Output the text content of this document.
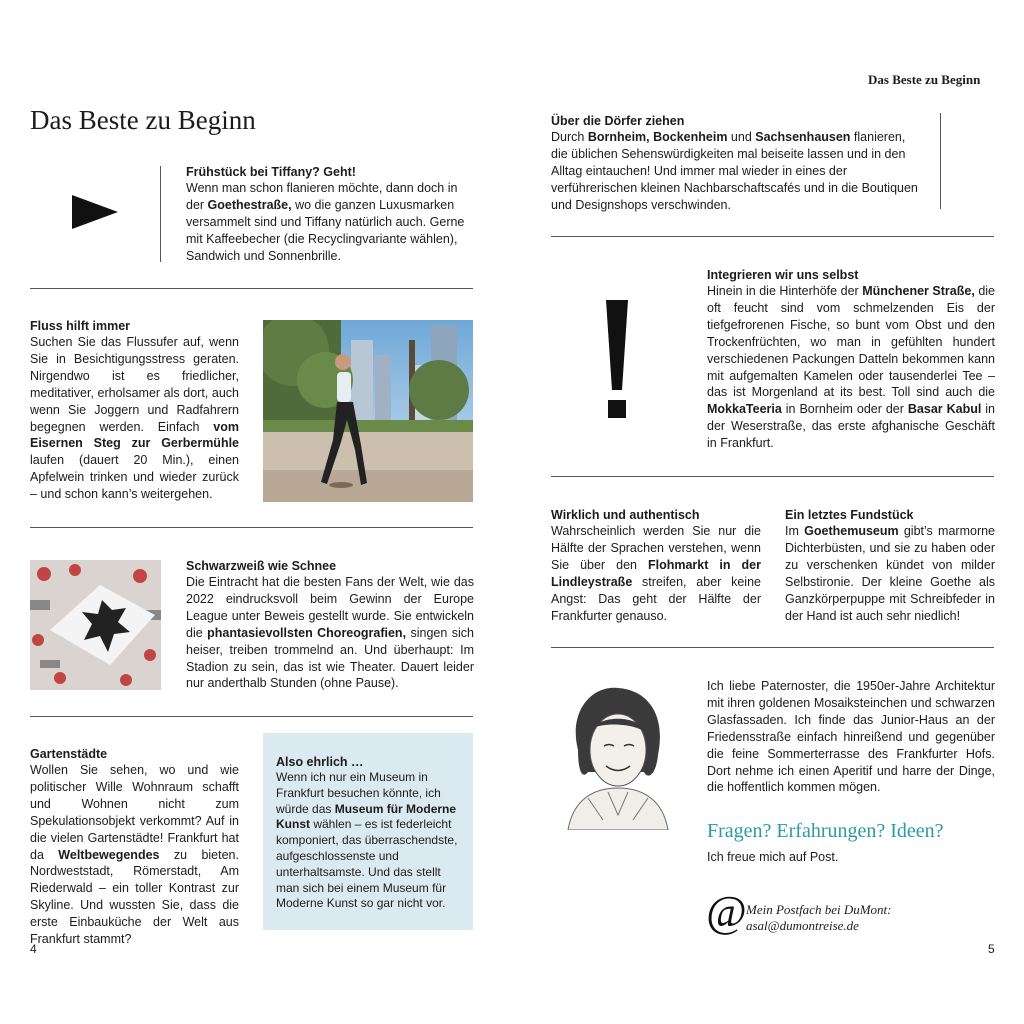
Das Beste zu Beginn
Das Beste zu Beginn

Frühstück bei Tiffany? Geht!

Wenn man schon flanieren möchte, dann doch in der Goethestraße, wo die ganzen Luxusmarken versammelt sind und Tiffany natürlich auch. Gerne mit Kaffeebecher (die Recyclingvariante wählen), Sandwich und Sonnenbrille.

Fluss hilft immer

Suchen Sie das Flussufer auf, wenn Sie in Besichtigungsstress geraten. Nirgendwo ist es friedlicher, meditativer, erholsamer als dort, auch wenn Sie Joggern und Radfahrern begegnen werden. Einfach vom Eisernen Steg zur Gerbermühle laufen (dauert 20 Min.), einen Apfelwein trinken und wieder zurück – und schon kann’s weitergehen.

Schwarzweiß wie Schnee

Die Eintracht hat die besten Fans der Welt, wie das 2022 eindrucksvoll beim Gewinn der Europe League unter Beweis gestellt wurde. Sie entwickeln die phantasievollsten Choreografien, singen sich heiser, treiben trommelnd an. Und überhaupt: Im Stadion zu sein, das ist wie Theater. Dauert leider nur anderthalb Stunden (ohne Pause).

Gartenstädte

Wollen Sie sehen, wo und wie politischer Wille Wohnraum schafft und Wohnen nicht zum Spekulationsobjekt verkommt? Auf in die vielen Gartenstädte! Frankfurt hat da Weltbewegendes zu bieten. Nordweststadt, Römerstadt, Am Riederwald – ein toller Kontrast zur Skyline. Und wussten Sie, dass die erste Einbauküche der Welt aus Frankfurt stammt?

Also ehrlich …

Wenn ich nur ein Museum in Frankfurt besuchen könnte, ich würde das Museum für Moderne Kunst wählen – es ist federleicht komponiert, das überraschendste, aufgeschlossenste und unterhaltsamste. Und das stellt man sich bei einem Museum für Moderne Kunst so gar nicht vor.

4

Über die Dörfer ziehen

Durch Bornheim, Bockenheim und Sachsenhausen flanieren, die üblichen Sehenswürdigkeiten mal beiseite lassen und in den Alltag eintauchen! Und immer mal wieder in eines der verführerischen kleinen Nachbarschaftscafés und in die Boutiquen und Designshops verschwinden.

Integrieren wir uns selbst

Hinein in die Hinterhöfe der Münchener Straße, die oft feucht sind vom schmelzenden Eis der tiefgefrorenen Fische, so bunt vom Obst und den Trockenfrüchten, wo man in gefühlten hundert verschiedenen Packungen Datteln bekommen kann mit aufgemalten Kamelen oder tausenderlei Tee – das ist Morgenland at its best. Toll sind auch die MokkaTeeria in Bornheim oder der Basar Kabul in der Weserstraße, das erste afghanische Geschäft in Frankfurt.

Wirklich und authentisch

Wahrscheinlich werden Sie nur die Hälfte der Sprachen verstehen, wenn Sie über den Flohmarkt in der Lindleystraße streifen, aber keine Angst: Das geht der Hälfte der Frankfurter genauso.

Ein letztes Fundstück

Im Goethemuseum gibt’s marmorne Dichterbüsten, und sie zu haben oder zu verschenken kündet von milder Selbstironie. Der kleine Goethe als Ganzkörperpuppe mit Schreibfeder in der Hand ist auch sehr niedlich!

Ich liebe Paternoster, die 1950er-Jahre Architektur mit ihren goldenen Mosaiksteinchen und schwarzen Glasfassaden. Ich finde das Junior-Haus an der Friedensstraße einfach hinreißend und gegenüber die feine Sommerterrasse des Frankfurter Hofs. Dort nehme ich einen Aperitif und harre der Dinge, die hoffentlich kommen mögen.

Fragen? Erfahrungen? Ideen?
Ich freue mich auf Post.
@ Mein Postfach bei DuMont:
asal@dumontreise.de
5
